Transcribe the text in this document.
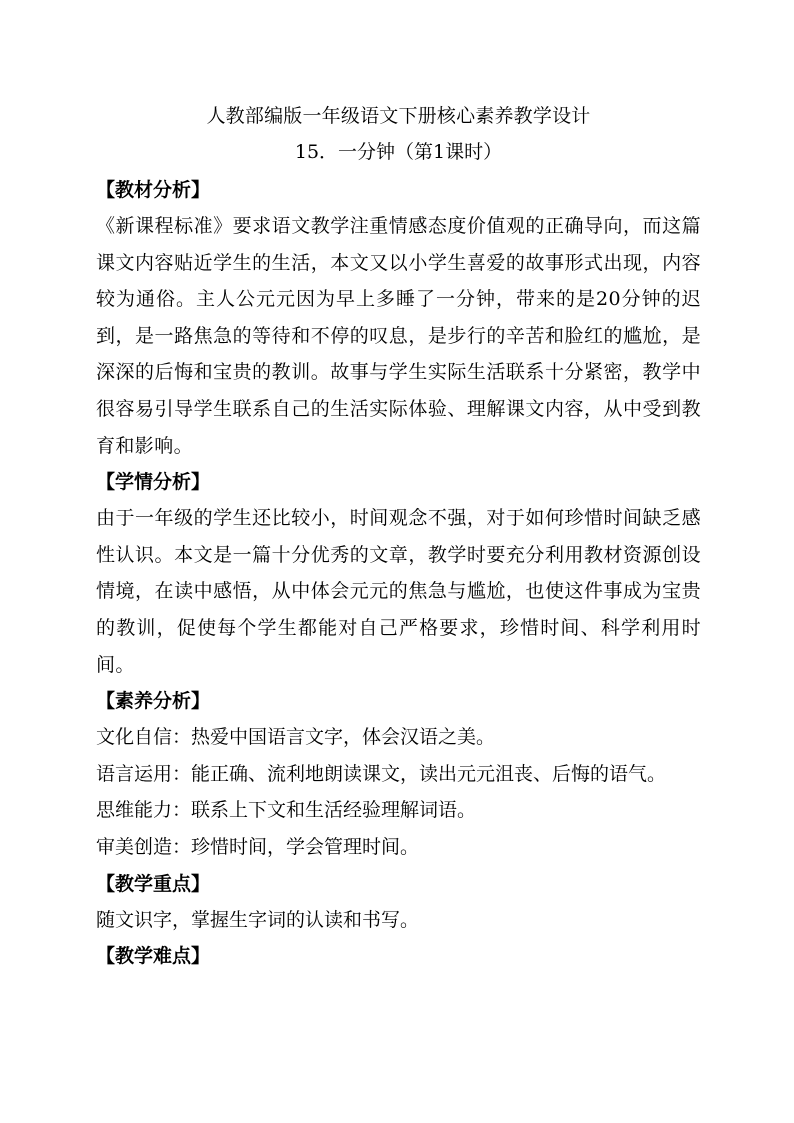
人教部编版一年级语文下册核心素养教学设计

15．一分钟（第1课时）

【教材分析】

《新课程标准》要求语文教学注重情感态度价值观的正确导向，而这篇课文内容贴近学生的生活，本文又以小学生喜爱的故事形式出现，内容较为通俗。主人公元元因为早上多睡了一分钟，带来的是20分钟的迟到，是一路焦急的等待和不停的叹息，是步行的辛苦和脸红的尴尬，是深深的后悔和宝贵的教训。故事与学生实际生活联系十分紧密，教学中很容易引导学生联系自己的生活实际体验、理解课文内容，从中受到教育和影响。

【学情分析】

由于一年级的学生还比较小，时间观念不强，对于如何珍惜时间缺乏感性认识。本文是一篇十分优秀的文章，教学时要充分利用教材资源创设情境，在读中感悟，从中体会元元的焦急与尴尬，也使这件事成为宝贵的教训，促使每个学生都能对自己严格要求，珍惜时间、科学利用时间。

【素养分析】

文化自信：热爱中国语言文字，体会汉语之美。

语言运用：能正确、流利地朗读课文，读出元元沮丧、后悔的语气。

思维能力：联系上下文和生活经验理解词语。

审美创造：珍惜时间，学会管理时间。

【教学重点】

随文识字，掌握生字词的认读和书写。

【教学难点】
